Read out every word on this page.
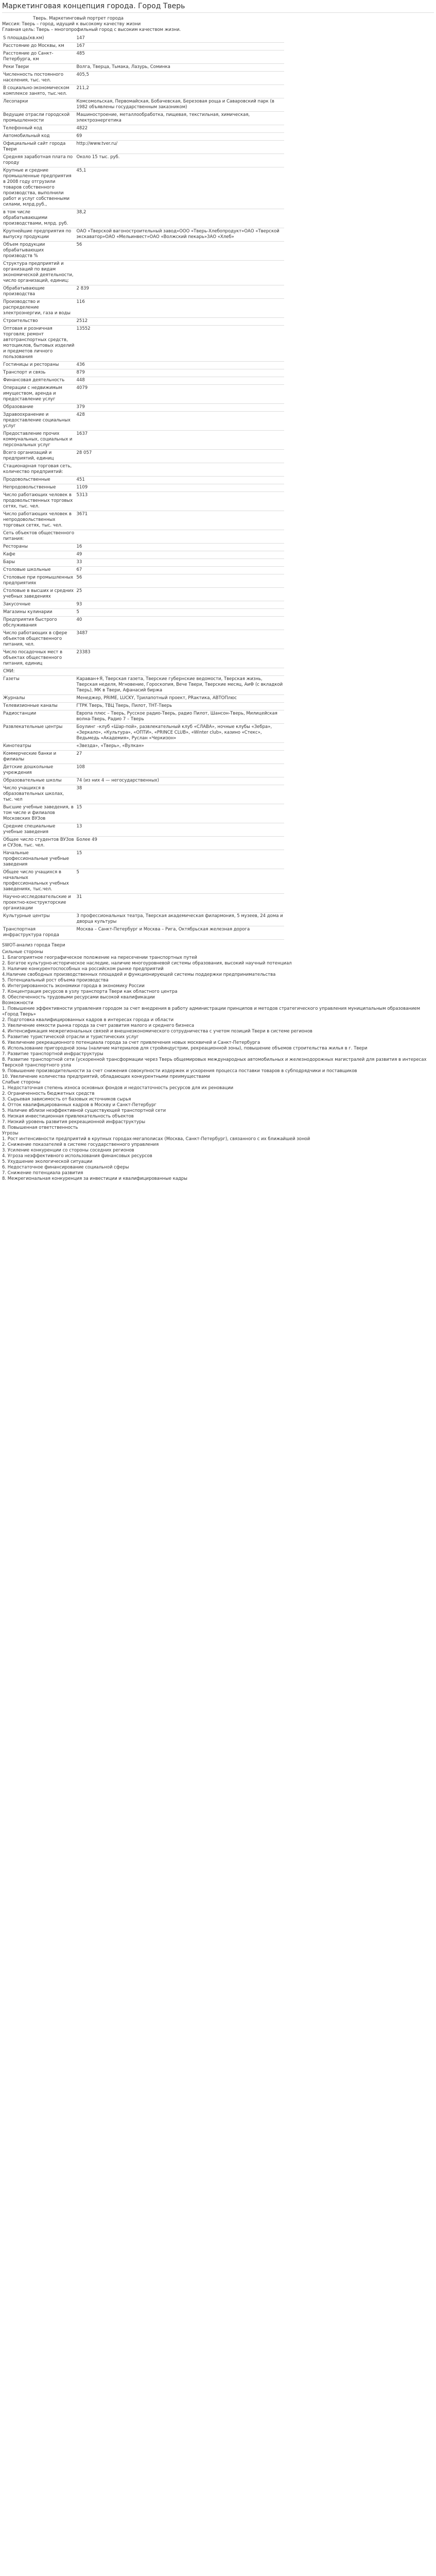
Маркетинговая концепция города. Город Тверь

Тверь. Маркетинговый портрет города

Миссия: Тверь – город, идущий к высокому качеству жизни

Главная цель: Тверь – многопрофильный город с высоким качеством жизни.

S площадь(кв.км)	147
Расстояние до Москвы, км	167
Расстояние до Санкт-Петербурга, км	485
Реки Твери	Волга, Тверца, Тьмака, Лазурь, Соминка
Численность постоянного населения, тыс. чел.	405,5
В социально-экономическом комплексе занято, тыс.чел.	211,2
Лесопарки	Комсомольская, Первомайская, Бобачевская, Березовая роща и Саваровский парк (в 1982 объявлены государственным заказником)
Ведущие отрасли городской промышленности	Машиностроение, металлообработка, пищевая, текстильная, химическая, электроэнергетика
Телефонный код	4822
Автомобильный код	69
Официальный сайт города Твери	http://www.tver.ru/
Средняя заработная плата по городу	Около 15 тыс. руб.
Крупные и средние промышленные предприятия в 2008 году отгрузили товаров собственного производства, выполнили работ и услуг собственными силами, млрд.руб.,	45,1
в том числе обрабатывающими производствами, млрд. руб.	38,2
Крупнейшие предприятия по выпуску продукции	ОАО «Тверской вагоностроительный завод»ООО «Тверь-Хлебопродукт»ОАО «Тверской экскаватор»ОАО «Мельинвест»ОАО «Волжский пекарь»ЗАО «Хлеб»
Объем продукции обрабатывающих производств %	56
Структура предприятий и организаций по видам экономической деятельности, число организаций, единиц:	
Обрабатывающие производства	2 839
Производство и распределение электроэнергии, газа и воды	116
Строительство	2512
Оптовая и розничная торговля; ремонт автотранспортных средств, мотоциклов, бытовых изделий и предметов личного пользования	13552
Гостиницы и рестораны	436
Транспорт и связь	879
Финансовая деятельность	448
Операции с недвижимым имуществом, аренда и предоставление услуг	4079
Образование	379
Здравоохранение и предоставление социальных услуг	428
Предоставление прочих коммунальных, социальных и персональных услуг	1637
Всего организаций и предприятий, единиц	28 057
Стационарная торговая сеть, количество предприятий:	
Продовольственные	451
Непродовольственные	1109
Число работающих человек в продовольственных торговых сетях, тыс. чел.	5313
Число работающих человек в непродовольственных торговых сетях, тыс. чел.	3671
Сеть объектов общественного питания:	
Рестораны	16
Кафе	49
Бары	33
Столовые школьные	67
Столовые при промышленных предприятиях	56
Столовые в высших и средних учебных заведениях	25
Закусочные	93
Магазины кулинарии	5
Предприятия быстрого обслуживания	40
Число работающих в сфере объектов общественного питания, чел.	3487
Число посадочных мест в объектах общественного питания, единиц	23383
СМИ:	
Газеты	Караван+Я, Тверская газета, Тверские губернские ведомости, Тверская жизнь, Тверская неделя, Мгновение, Гороскопия, Вече Твери, Тверские месяц, АиФ (с вкладкой Тверь), МК в Твери, Афанасий биржа
Журналы	Менеджер, PRIME, LUCKY, Трилапотный проект, PRактика, АВТОПлюс
Телевизионные каналы	ГТРК Тверь, ТВЦ Тверь, Пилот, ТНТ-Тверь
Радиостанции	Европа плюс – Тверь, Русское радио-Тверь, радио Пилот, Шансон-Тверь, Милицейская волна-Тверь, Радио 7 – Тверь
Развлекательные центры	Боулинг –клуб «Шар-пой», развлекательный клуб «СЛАВА», ночные клубы «Зебра», «Зеркало», «Культура», «ОПТИ», «PRINCE CLUB», «Winter club», казино «Стекс», Ведьмедь «Академия», Руслан «Черкизон»
Кинотеатры	«Звезда», «Тверь», «Вулкан»
Коммерческие банки и филиалы	27
Детские дошкольные учреждения	108
Образовательные школы	74 (из них 4 — негосударственных)
Число учащихся в образовательных школах, тыс. чел	38
Высшие учебные заведения, в том числе и филиалов Московских ВУЗов	15
Средние специальные учебные заведения	13
Общее число студентов ВУЗов и СУЗов, тыс. чел.	Более 49
Начальные профессиональные учебные заведения	15
Общее число учащихся в начальных профессиональных учебных заведениях, тыс.чел.	5
Научно-исследовательские и проектно-конструкторские организации	31
Культурные центры	3 профессиональных театра, Тверская академическая филармония, 5 музеев, 24 дома и дворца культуры
Транспортная инфраструктура города	Москва – Санкт-Петербург и Москва – Рига, Октябрьская железная дорога

SWOT-анализ города Твери

Сильные стороны

1. Благоприятное географическое положение на пересечении транспортных путей

2. Богатое культурно-историческое наследие, наличие многоуровневой системы образования, высокий научный потенциал

3. Наличие конкурентоспособных на российском рынке предприятий

4.Наличие свободных производственных площадей и функционирующей системы поддержки предпринимательства

5. Потенциальный рост объема производства

6. Интегрированность экономики города в экономику России

7. Концентрация ресурсов в узлу транспорта Твери как областного центра

8. Обеспеченность трудовыми ресурсами высокой квалификации

Возможности

1. Повышение эффективности управления городом за счет внедрения в работу администрации принципов и методов стратегического управления муниципальным образованием «Город Тверь»

2. Подготовка квалифицированных кадров в интересах города и области

3. Увеличение емкости рынка города за счет развития малого и среднего бизнеса

4. Интенсификация межрегиональных связей и внешнеэкономического сотрудничества с учетом позиций Твери в системе регионов

5. Развитие туристической отрасли и туристических услуг

6. Увеличение рекреационного потенциала города за счет привлечения новых москвичей и Санкт-Петербурга

6. Использование пригородной зоны (наличие материалов для стройиндустрии, рекреационной зоны), повышение объемов строительства жилья в г. Твери

7. Развитие транспортной инфраструктуры

8. Развитие транспортной сети (ускоренной трансформации через Тверь общемировых международных автомобильных и железнодорожных магистралей для развития в интересах Тверской транспортного узла

9. Повышение производительности за счет снижения совокупности издержек и ускорения процесса поставки товаров в субподрядчики и поставщиков

10. Увеличение количества предприятий, обладающих конкурентными преимуществами

Слабые стороны

1. Недостаточная степень износа основных фондов и недостаточность ресурсов для их реновации

2. Ограниченность бюджетных средств

3. Сырьевая зависимость от базовых источников сырья

4. Отток квалифицированных кадров в Москву и Санкт-Петербург

5. Наличие вблизи неэффективной существующей транспортной сети

6. Низкая инвестиционная привлекательность объектов

7. Низкий уровень развития рекреационной инфраструктуры

8. Повышенная ответственность

Угрозы

1. Рост интенсивности предприятий в крупных городах-мегаполисах (Москва, Санкт-Петербург), связанного с их ближайшей зоной

2. Снижение показателей в системе государственного управления

3. Усиление конкуренции со стороны соседних регионов

4. Угроза неэффективного использования финансовых ресурсов

5. Ухудшение экологической ситуации

6. Недостаточное финансирование социальной сферы

7. Снижение потенциала развития

8. Межрегиональная конкуренция за инвестиции и квалифицированные кадры
